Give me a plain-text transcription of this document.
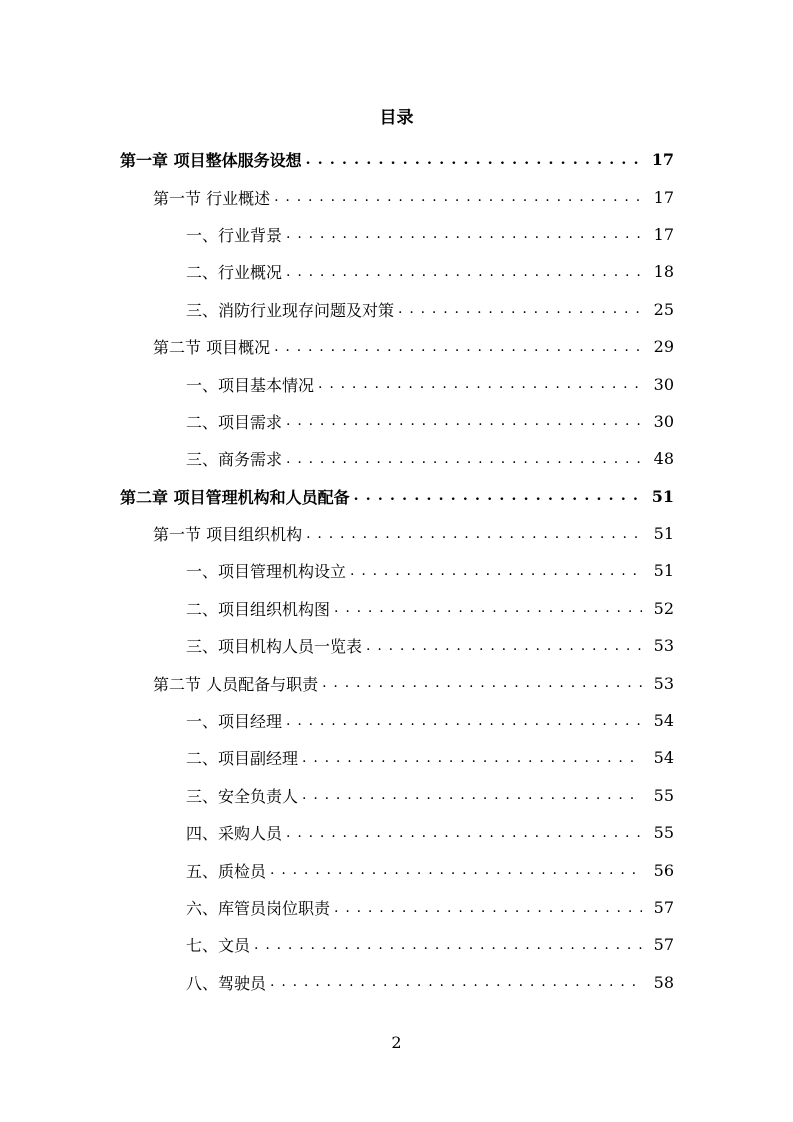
目录
第一章 项目整体服务设想 . . .	17
第一节 行业概述 . . .	17
一、行业背景 . . .	17
二、行业概况 . . .	18
三、消防行业现存问题及对策 . . .	25
第二节 项目概况 . . .	29
一、项目基本情况 . . .	30
二、项目需求 . . .	30
三、商务需求 . . .	48
第二章 项目管理机构和人员配备 . . .	51
第一节 项目组织机构 . . .	51
一、项目管理机构设立 . . .	51
二、项目组织机构图 . . .	52
三、项目机构人员一览表 . . .	53
第二节 人员配备与职责 . . .	53
一、项目经理 . . .	54
二、项目副经理 . . .	54
三、安全负责人 . . .	55
四、采购人员 . . .	55
五、质检员 . . .	56
六、库管员岗位职责 . . .	57
七、文员 . . .	57
八、驾驶员 . . .	58
2
